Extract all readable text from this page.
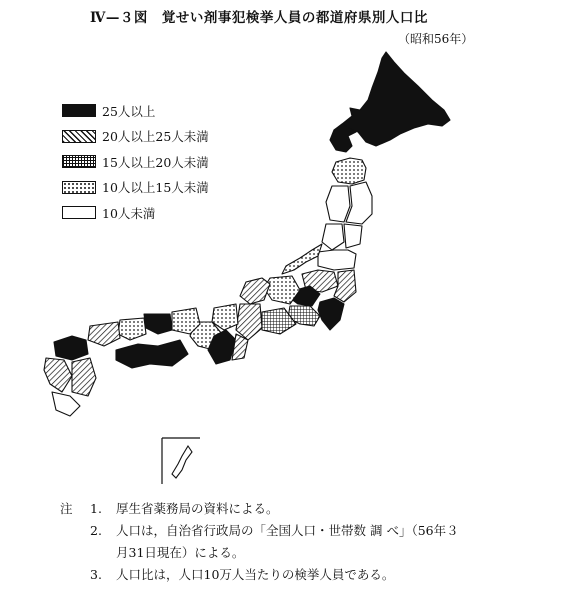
Ⅳ—３図　覚せい剤事犯検挙人員の都道府県別人口比
（昭和56年）
25人以上
20人以上25人未満
15人以上20人未満
10人以上15人未満
10人未満
注	1.	厚生省薬務局の資料による。
2.	人口は，自治省行政局の「全国人口・世帯数 調 べ」（56年３
月31日現在）による。
3.	人口比は，人口10万人当たりの検挙人員である。
